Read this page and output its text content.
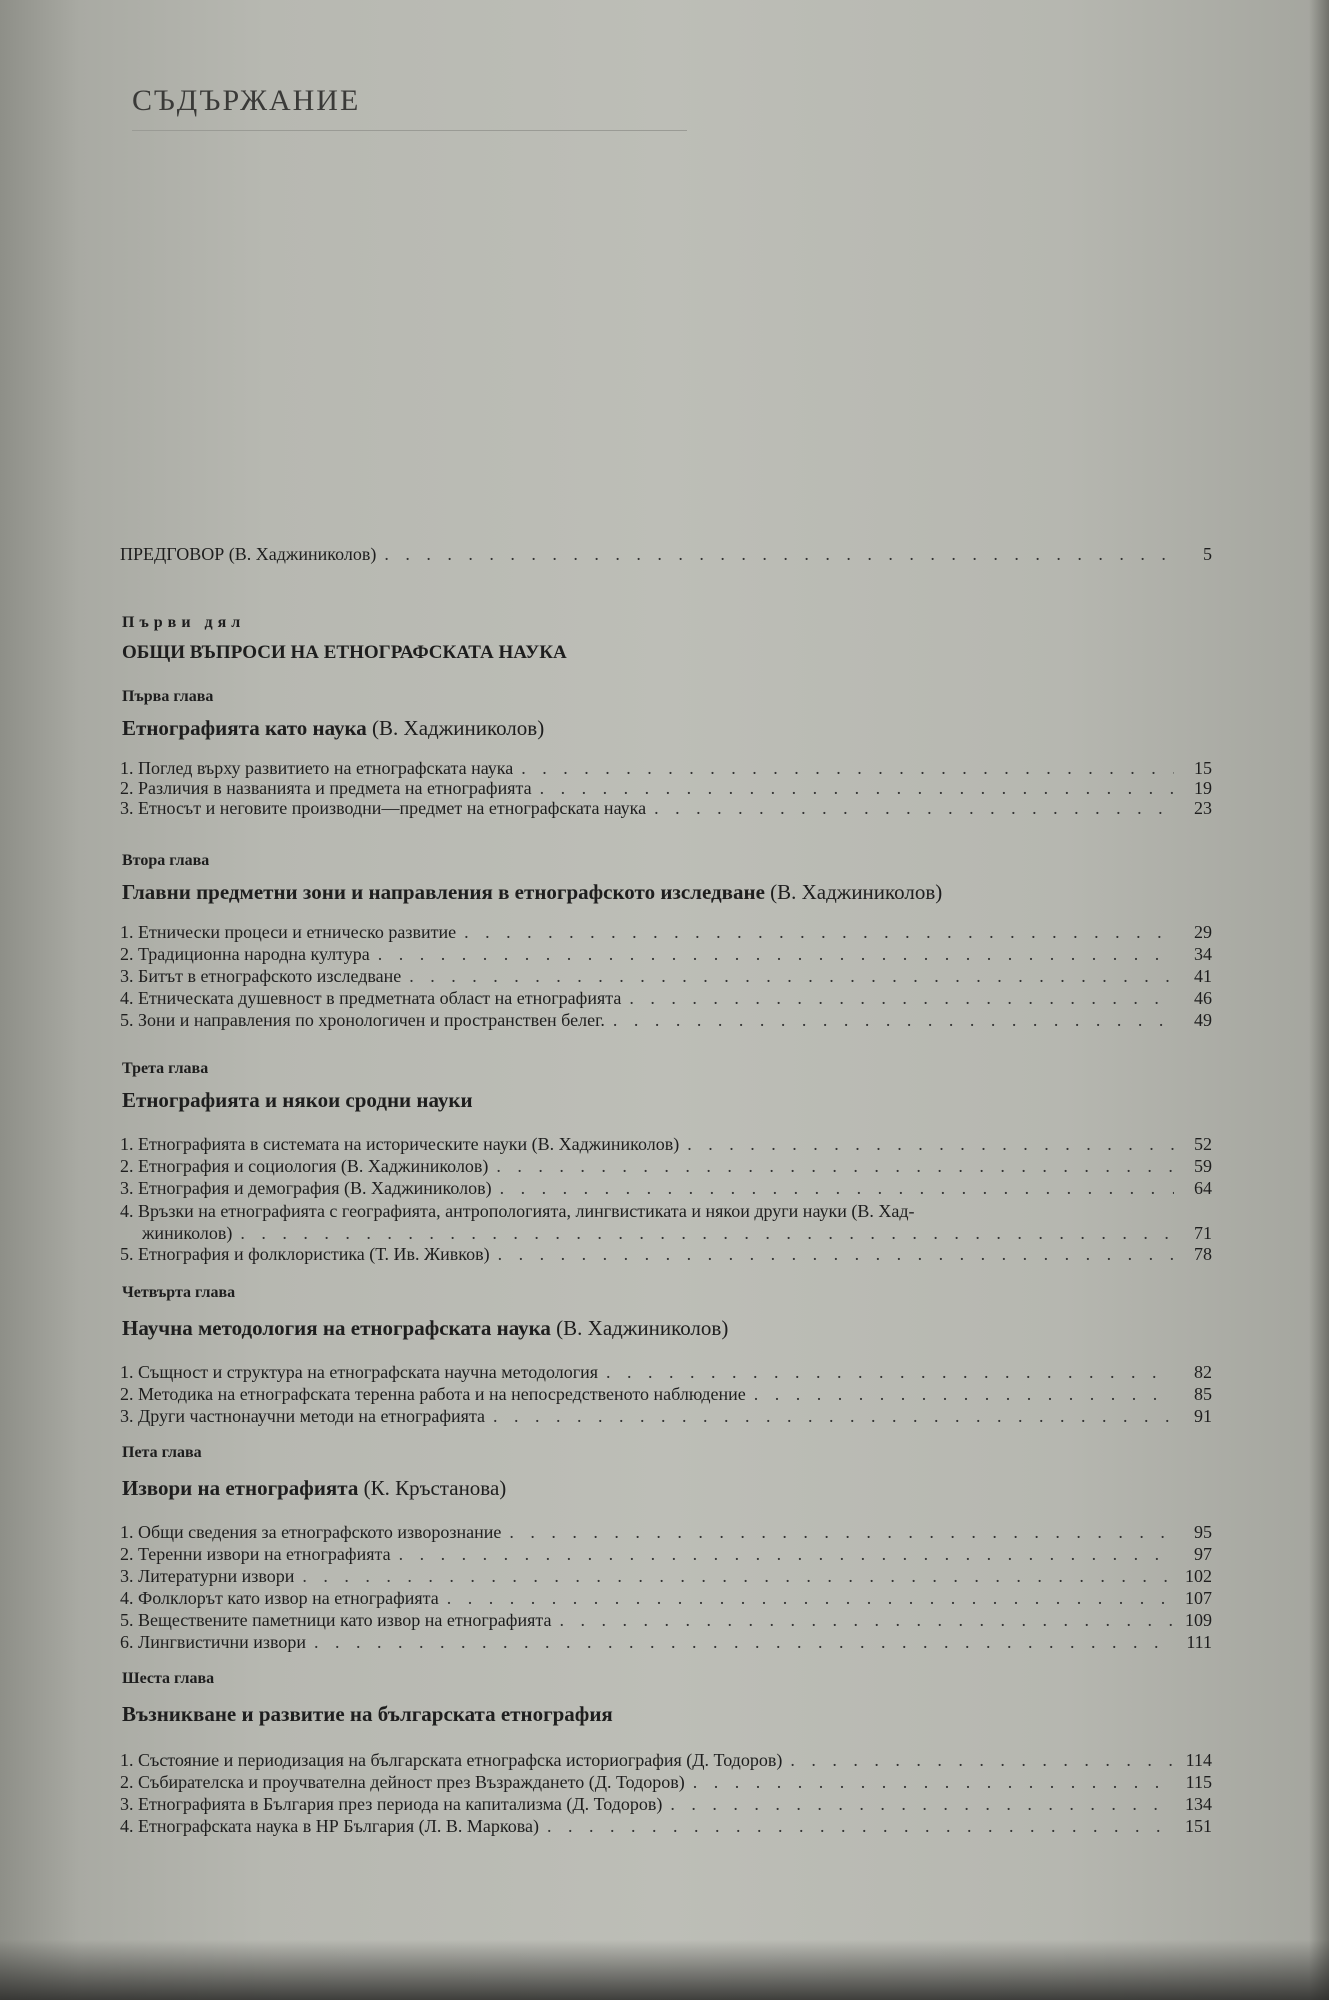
СЪДЪРЖАНИЕ
ПРЕДГОВОР (В. Хаджиниколов) . . .	5
Първи дял
ОБЩИ ВЪПРОСИ НА ЕТНОГРАФСКАТА НАУКА
Първа глава
Етнографията като наука (В. Хаджиниколов)
1. Поглед върху развитието на етнографската наука . . .	15
2. Различия в названията и предмета на етнографията . . .	19
3. Етносът и неговите производни—предмет на етнографската наука . . .	23
Втора глава
Главни предметни зони и направления в етнографското изследване (В. Хаджиниколов)
1. Етнически процеси и етническо развитие . . .	29
2. Традиционна народна култура . . .	34
3. Битът в етнографското изследване . . .	41
4. Етническата душевност в предметната област на етнографията . . .	46
5. Зони и направления по хронологичен и пространствен белег. . . .	49
Трета глава
Етнографията и някои сродни науки
1. Етнографията в системата на историческите науки (В. Хаджиниколов) . . .	52
2. Етнография и социология (В. Хаджиниколов) . . .	59
3. Етнография и демография (В. Хаджиниколов) . . .	64
4. Връзки на етнографията с географията, антропологията, лингвистиката и някои други науки (В. Хад-
жиниколов) . . .	71
5. Етнография и фолклористика (Т. Ив. Живков) . . .	78
Четвърта глава
Научна методология на етнографската наука (В. Хаджиниколов)
1. Същност и структура на етнографската научна методология . . .	82
2. Методика на етнографската теренна работа и на непосредственото наблюдение . . .	85
3. Други частнонаучни методи на етнографията . . .	91
Пета глава
Извори на етнографията (К. Кръстанова)
1. Общи сведения за етнографското изворознание . . .	95
2. Теренни извори на етнографията . . .	97
3. Литературни извори . . .	102
4. Фолклорът като извор на етнографията . . .	107
5. Веществените паметници като извор на етнографията . . .	109
6. Лингвистични извори . . .	111
Шеста глава
Възникване и развитие на българската етнография
1. Състояние и периодизация на българската етнографска историография (Д. Тодоров) . . .	114
2. Събирателска и проучвателна дейност през Възраждането (Д. Тодоров) . . .	115
3. Етнографията в България през периода на капитализма (Д. Тодоров) . . .	134
4. Етнографската наука в НР България (Л. В. Маркова) . . .	151
